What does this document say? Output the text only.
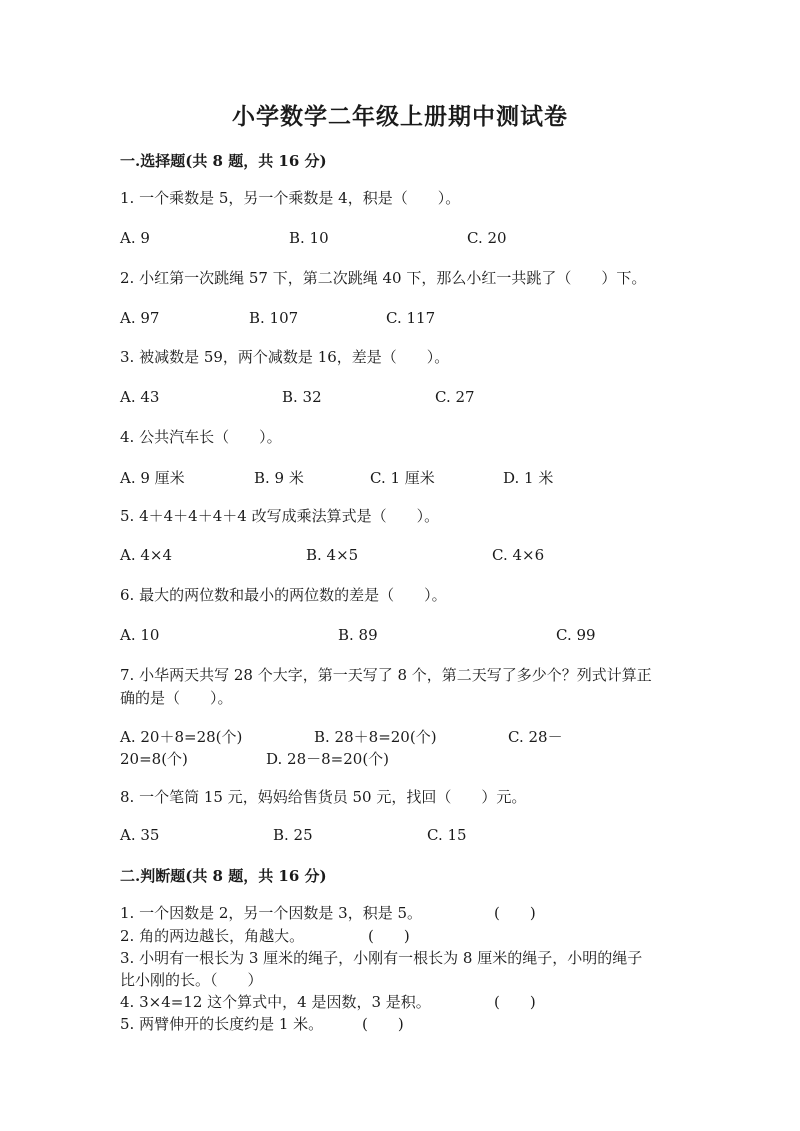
小学数学二年级上册期中测试卷
一.选择题(共 8 题，共 16 分)
1. 一个乘数是 5，另一个乘数是 4，积是（　　）。
A. 9	B. 10	C. 20
2. 小红第一次跳绳 57 下，第二次跳绳 40 下，那么小红一共跳了（　　）下。
A. 97	B. 107	C. 117
3. 被减数是 59，两个减数是 16，差是（　　）。
A. 43	B. 32	C. 27
4. 公共汽车长（　　）。
A. 9 厘米	B. 9 米	C. 1 厘米	D. 1 米
5. 4＋4＋4＋4＋4 改写成乘法算式是（　　）。
A. 4×4	B. 4×5	C. 4×6
6. 最大的两位数和最小的两位数的差是（　　）。
A. 10	B. 89	C. 99
7. 小华两天共写 28 个大字，第一天写了 8 个，第二天写了多少个？列式计算正
确的是（　　）。
A. 20＋8=28(个)	B. 28＋8=20(个)	C. 28－
20=8(个)	D. 28－8=20(个)
8. 一个笔筒 15 元，妈妈给售货员 50 元，找回（　　）元。
A. 35	B. 25	C. 15
二.判断题(共 8 题，共 16 分)
1. 一个因数是 2，另一个因数是 3，积是 5。	(　　)
2. 角的两边越长，角越大。	(　　)
3. 小明有一根长为 3 厘米的绳子，小刚有一根长为 8 厘米的绳子，小明的绳子
比小刚的长。（　　）
4. 3×4=12 这个算式中，4 是因数，3 是积。	(　　)
5. 两臂伸开的长度约是 1 米。	(　　)
